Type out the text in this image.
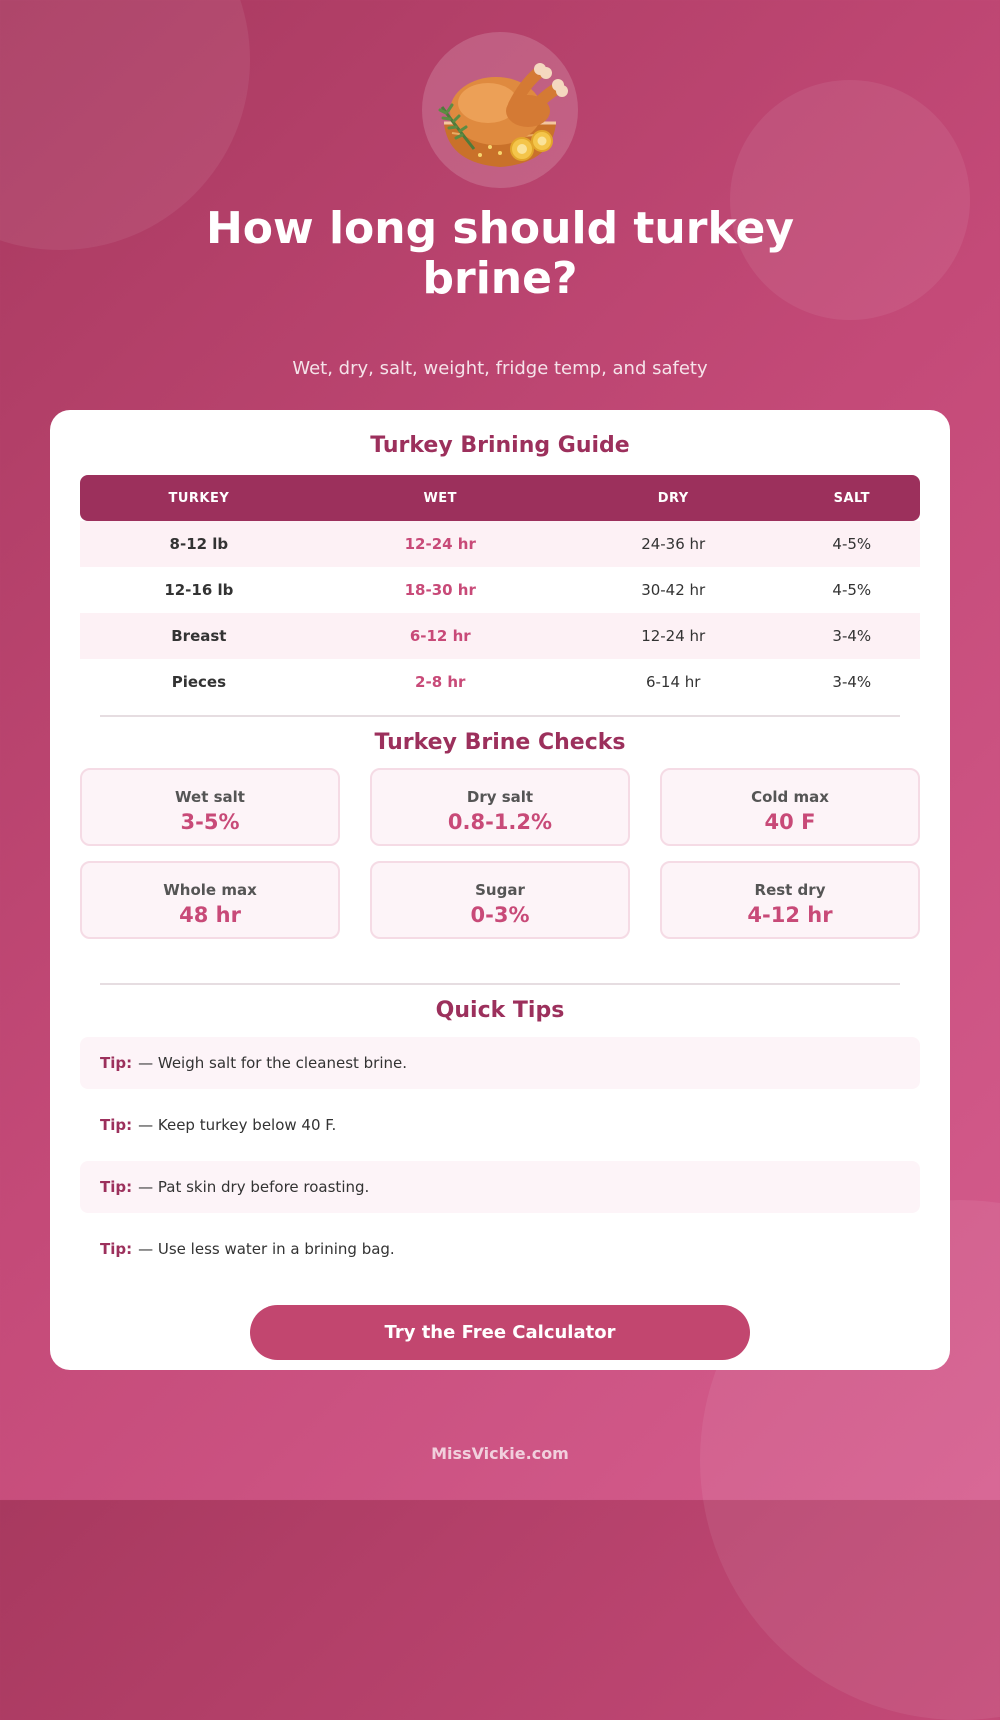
How long should turkey brine?

Wet, dry, salt, weight, fridge temp, and safety

Turkey Brining Guide
TURKEY	WET	DRY	SALT
8-12 lb	12-24 hr	24-36 hr	4-5%
12-16 lb	18-30 hr	30-42 hr	4-5%
Breast	6-12 hr	12-24 hr	3-4%
Pieces	2-8 hr	6-14 hr	3-4%
Turkey Brine Checks
Wet salt
3-5%
Dry salt
0.8-1.2%
Cold max
40 F
Whole max
48 hr
Sugar
0-3%
Rest dry
4-12 hr
Quick Tips
Tip: — Weigh salt for the cleanest brine.
Tip: — Keep turkey below 40 F.
Tip: — Pat skin dry before roasting.
Tip: — Use less water in a brining bag.
Try the Free Calculator
MissVickie.com
